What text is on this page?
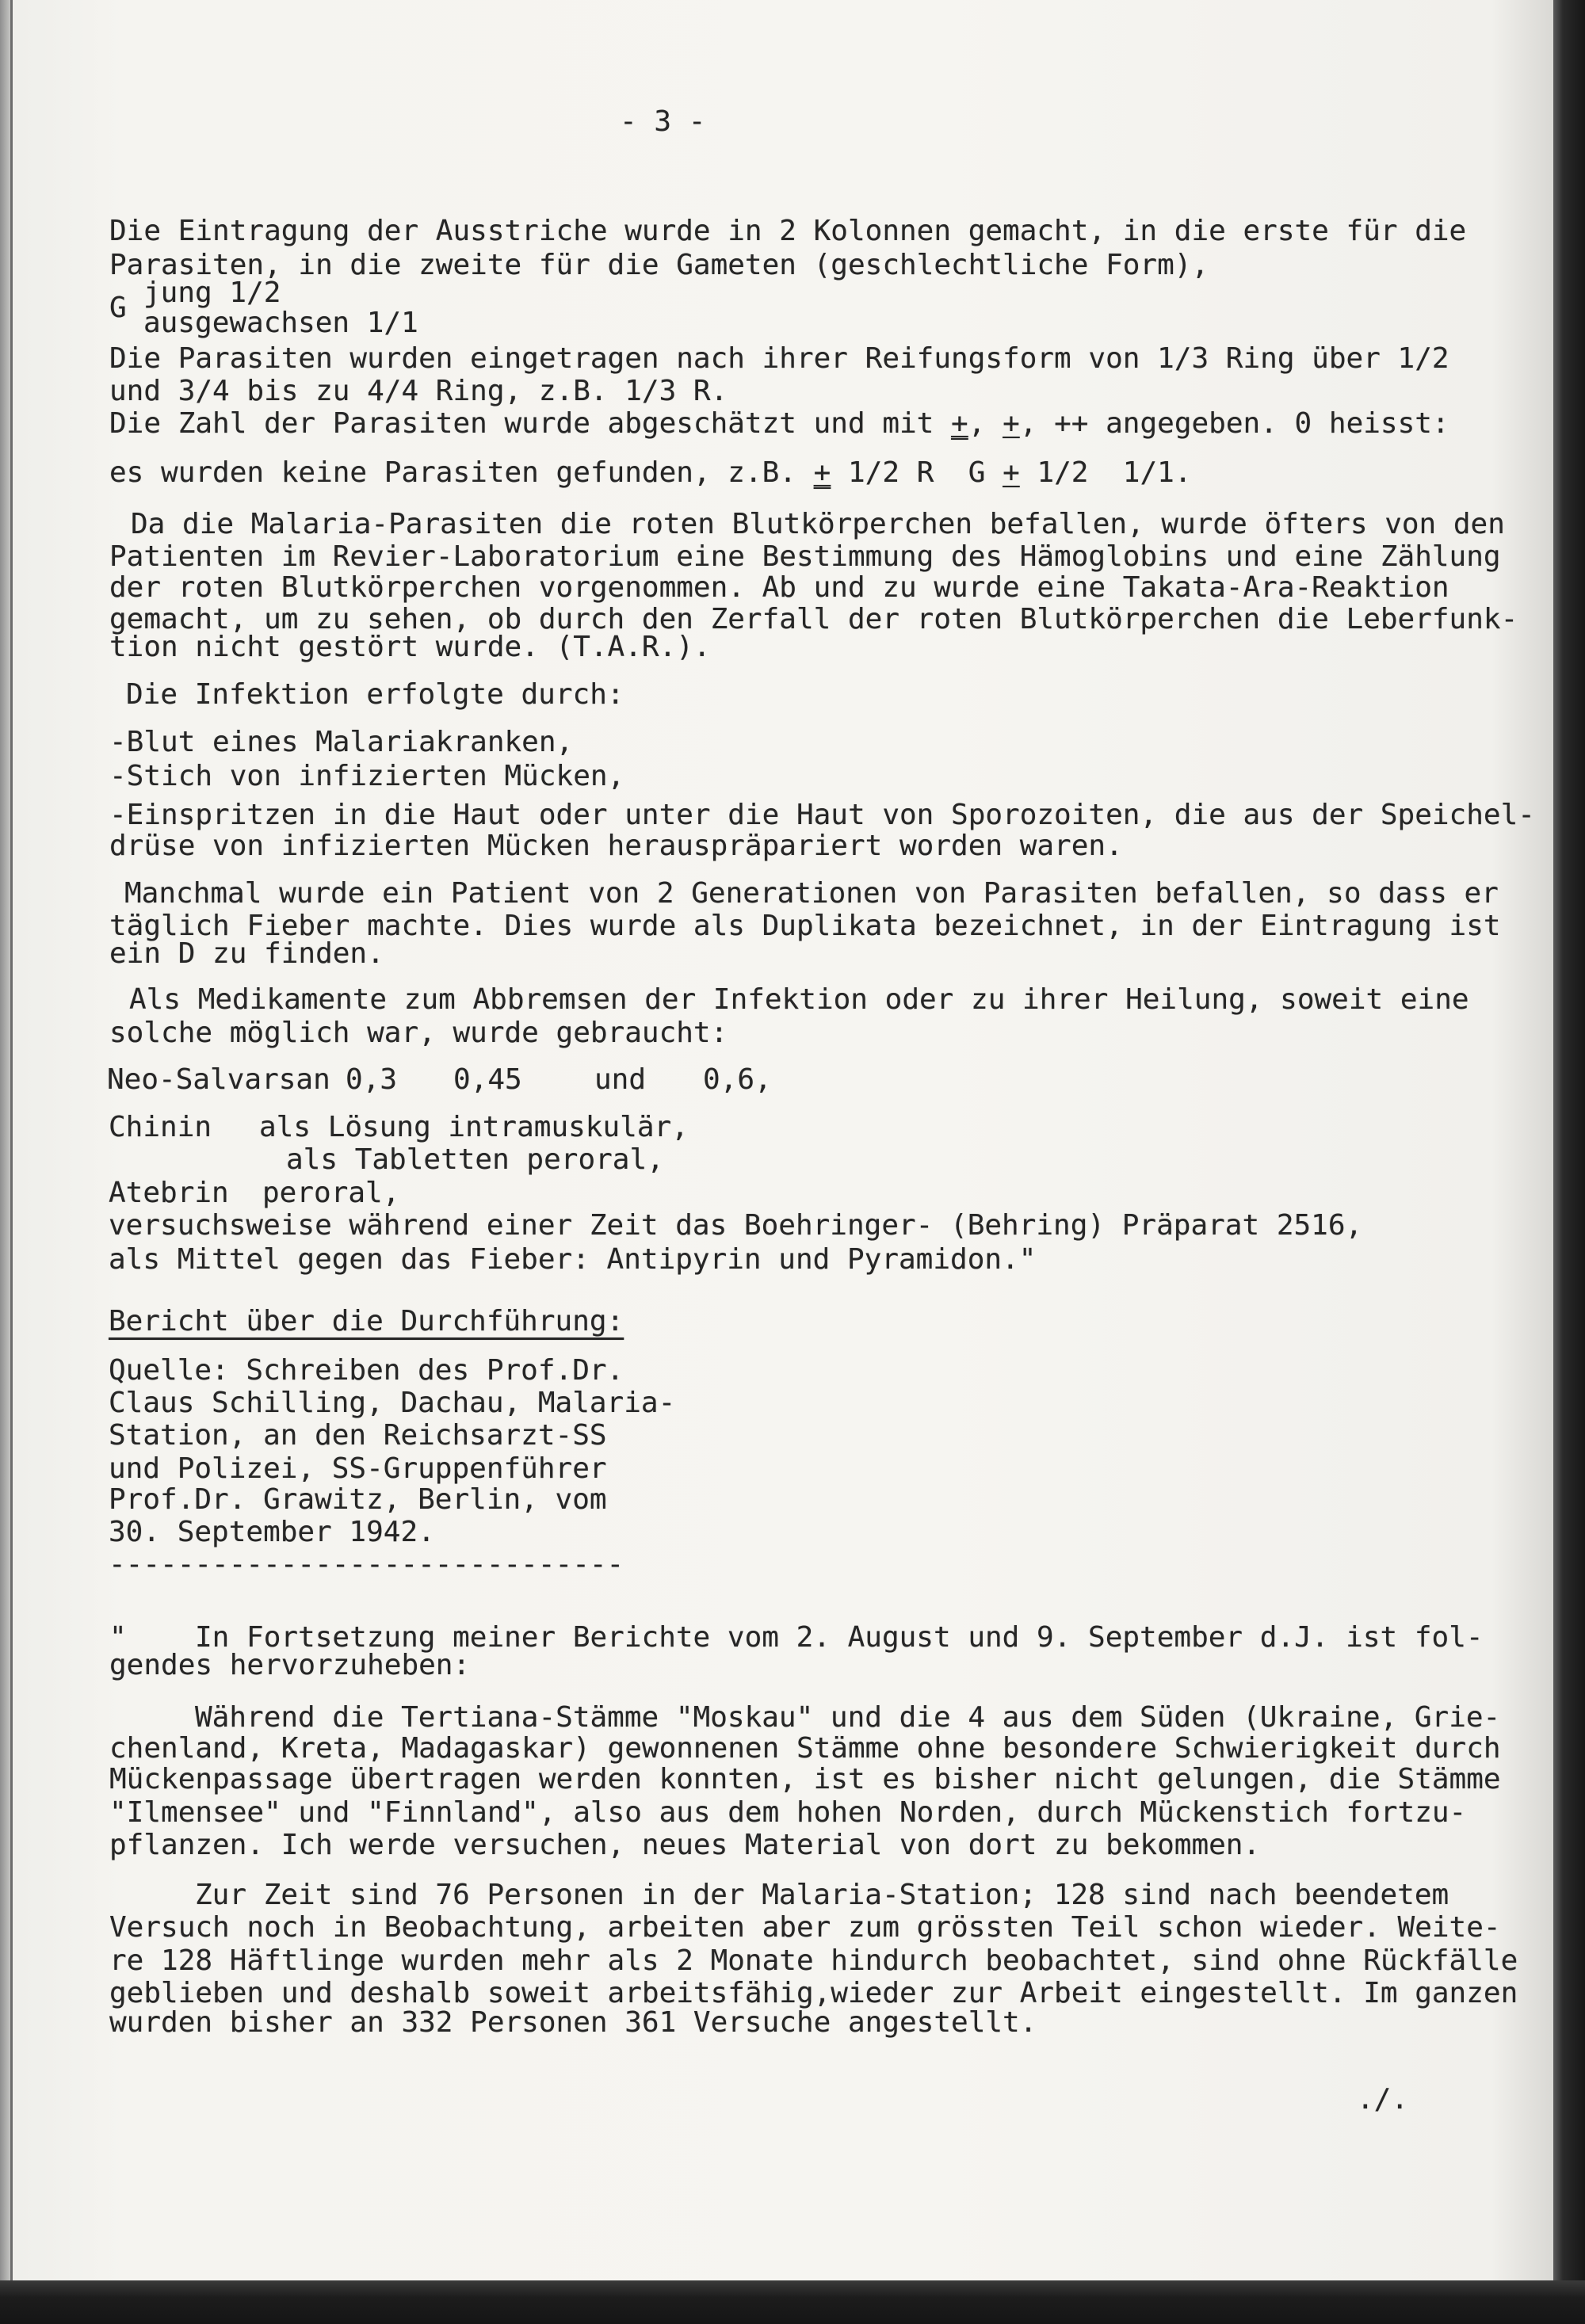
- 3 -
Die Eintragung der Ausstriche wurde in 2 Kolonnen gemacht, in die erste für die
Parasiten, in die zweite für die Gameten (geschlechtliche Form),
jung 1/2
G ausgewachsen 1/1
Die Parasiten wurden eingetragen nach ihrer Reifungsform von 1/3 Ring über 1/2
und 3/4 bis zu 4/4 Ring, z.B. 1/3 R.
Die Zahl der Parasiten wurde abgeschätzt und mit +, +, ++ angegeben. 0 heisst:
es wurden keine Parasiten gefunden, z.B. + 1/2 R  G + 1/2  1/1.
Da die Malaria-Parasiten die roten Blutkörperchen befallen, wurde öfters von den
Patienten im Revier-Laboratorium eine Bestimmung des Hämoglobins und eine Zählung
der roten Blutkörperchen vorgenommen. Ab und zu wurde eine Takata-Ara-Reaktion
gemacht, um zu sehen, ob durch den Zerfall der roten Blutkörperchen die Leberfunk-
tion nicht gestört wurde. (T.A.R.).
Die Infektion erfolgte durch:
-Blut eines Malariakranken,
-Stich von infizierten Mücken,
-Einspritzen in die Haut oder unter die Haut von Sporozoiten, die aus der Speichel-
drüse von infizierten Mücken herauspräpariert worden waren.
Manchmal wurde ein Patient von 2 Generationen von Parasiten befallen, so dass er
täglich Fieber machte. Dies wurde als Duplikata bezeichnet, in der Eintragung ist
ein D zu finden.
Als Medikamente zum Abbremsen der Infektion oder zu ihrer Heilung, soweit eine
solche möglich war, wurde gebraucht:
Neo-Salvarsan 0,3 0,45	und 0,6,
Chinin als Lösung intramuskulär,
als Tabletten peroral,
Atebrin peroral,
versuchsweise während einer Zeit das Boehringer- (Behring) Präparat 2516,
als Mittel gegen das Fieber: Antipyrin und Pyramidon."
Bericht über die Durchführung:
Quelle: Schreiben des Prof.Dr.
Claus Schilling, Dachau, Malaria-
Station, an den Reichsarzt-SS
und Polizei, SS-Gruppenführer
Prof.Dr. Grawitz, Berlin, vom
30. September 1942.
------------------------------
" In Fortsetzung meiner Berichte vom 2. August und 9. September d.J. ist fol-
gendes hervorzuheben:
Während die Tertiana-Stämme "Moskau" und die 4 aus dem Süden (Ukraine, Grie-
chenland, Kreta, Madagaskar) gewonnenen Stämme ohne besondere Schwierigkeit durch
Mückenpassage übertragen werden konnten, ist es bisher nicht gelungen, die Stämme
"Ilmensee" und "Finnland", also aus dem hohen Norden, durch Mückenstich fortzu-
pflanzen. Ich werde versuchen, neues Material von dort zu bekommen.
Zur Zeit sind 76 Personen in der Malaria-Station; 128 sind nach beendetem
Versuch noch in Beobachtung, arbeiten aber zum grössten Teil schon wieder. Weite-
re 128 Häftlinge wurden mehr als 2 Monate hindurch beobachtet, sind ohne Rückfälle
geblieben und deshalb soweit arbeitsfähig,wieder zur Arbeit eingestellt. Im ganzen
wurden bisher an 332 Personen 361 Versuche angestellt.
./.
